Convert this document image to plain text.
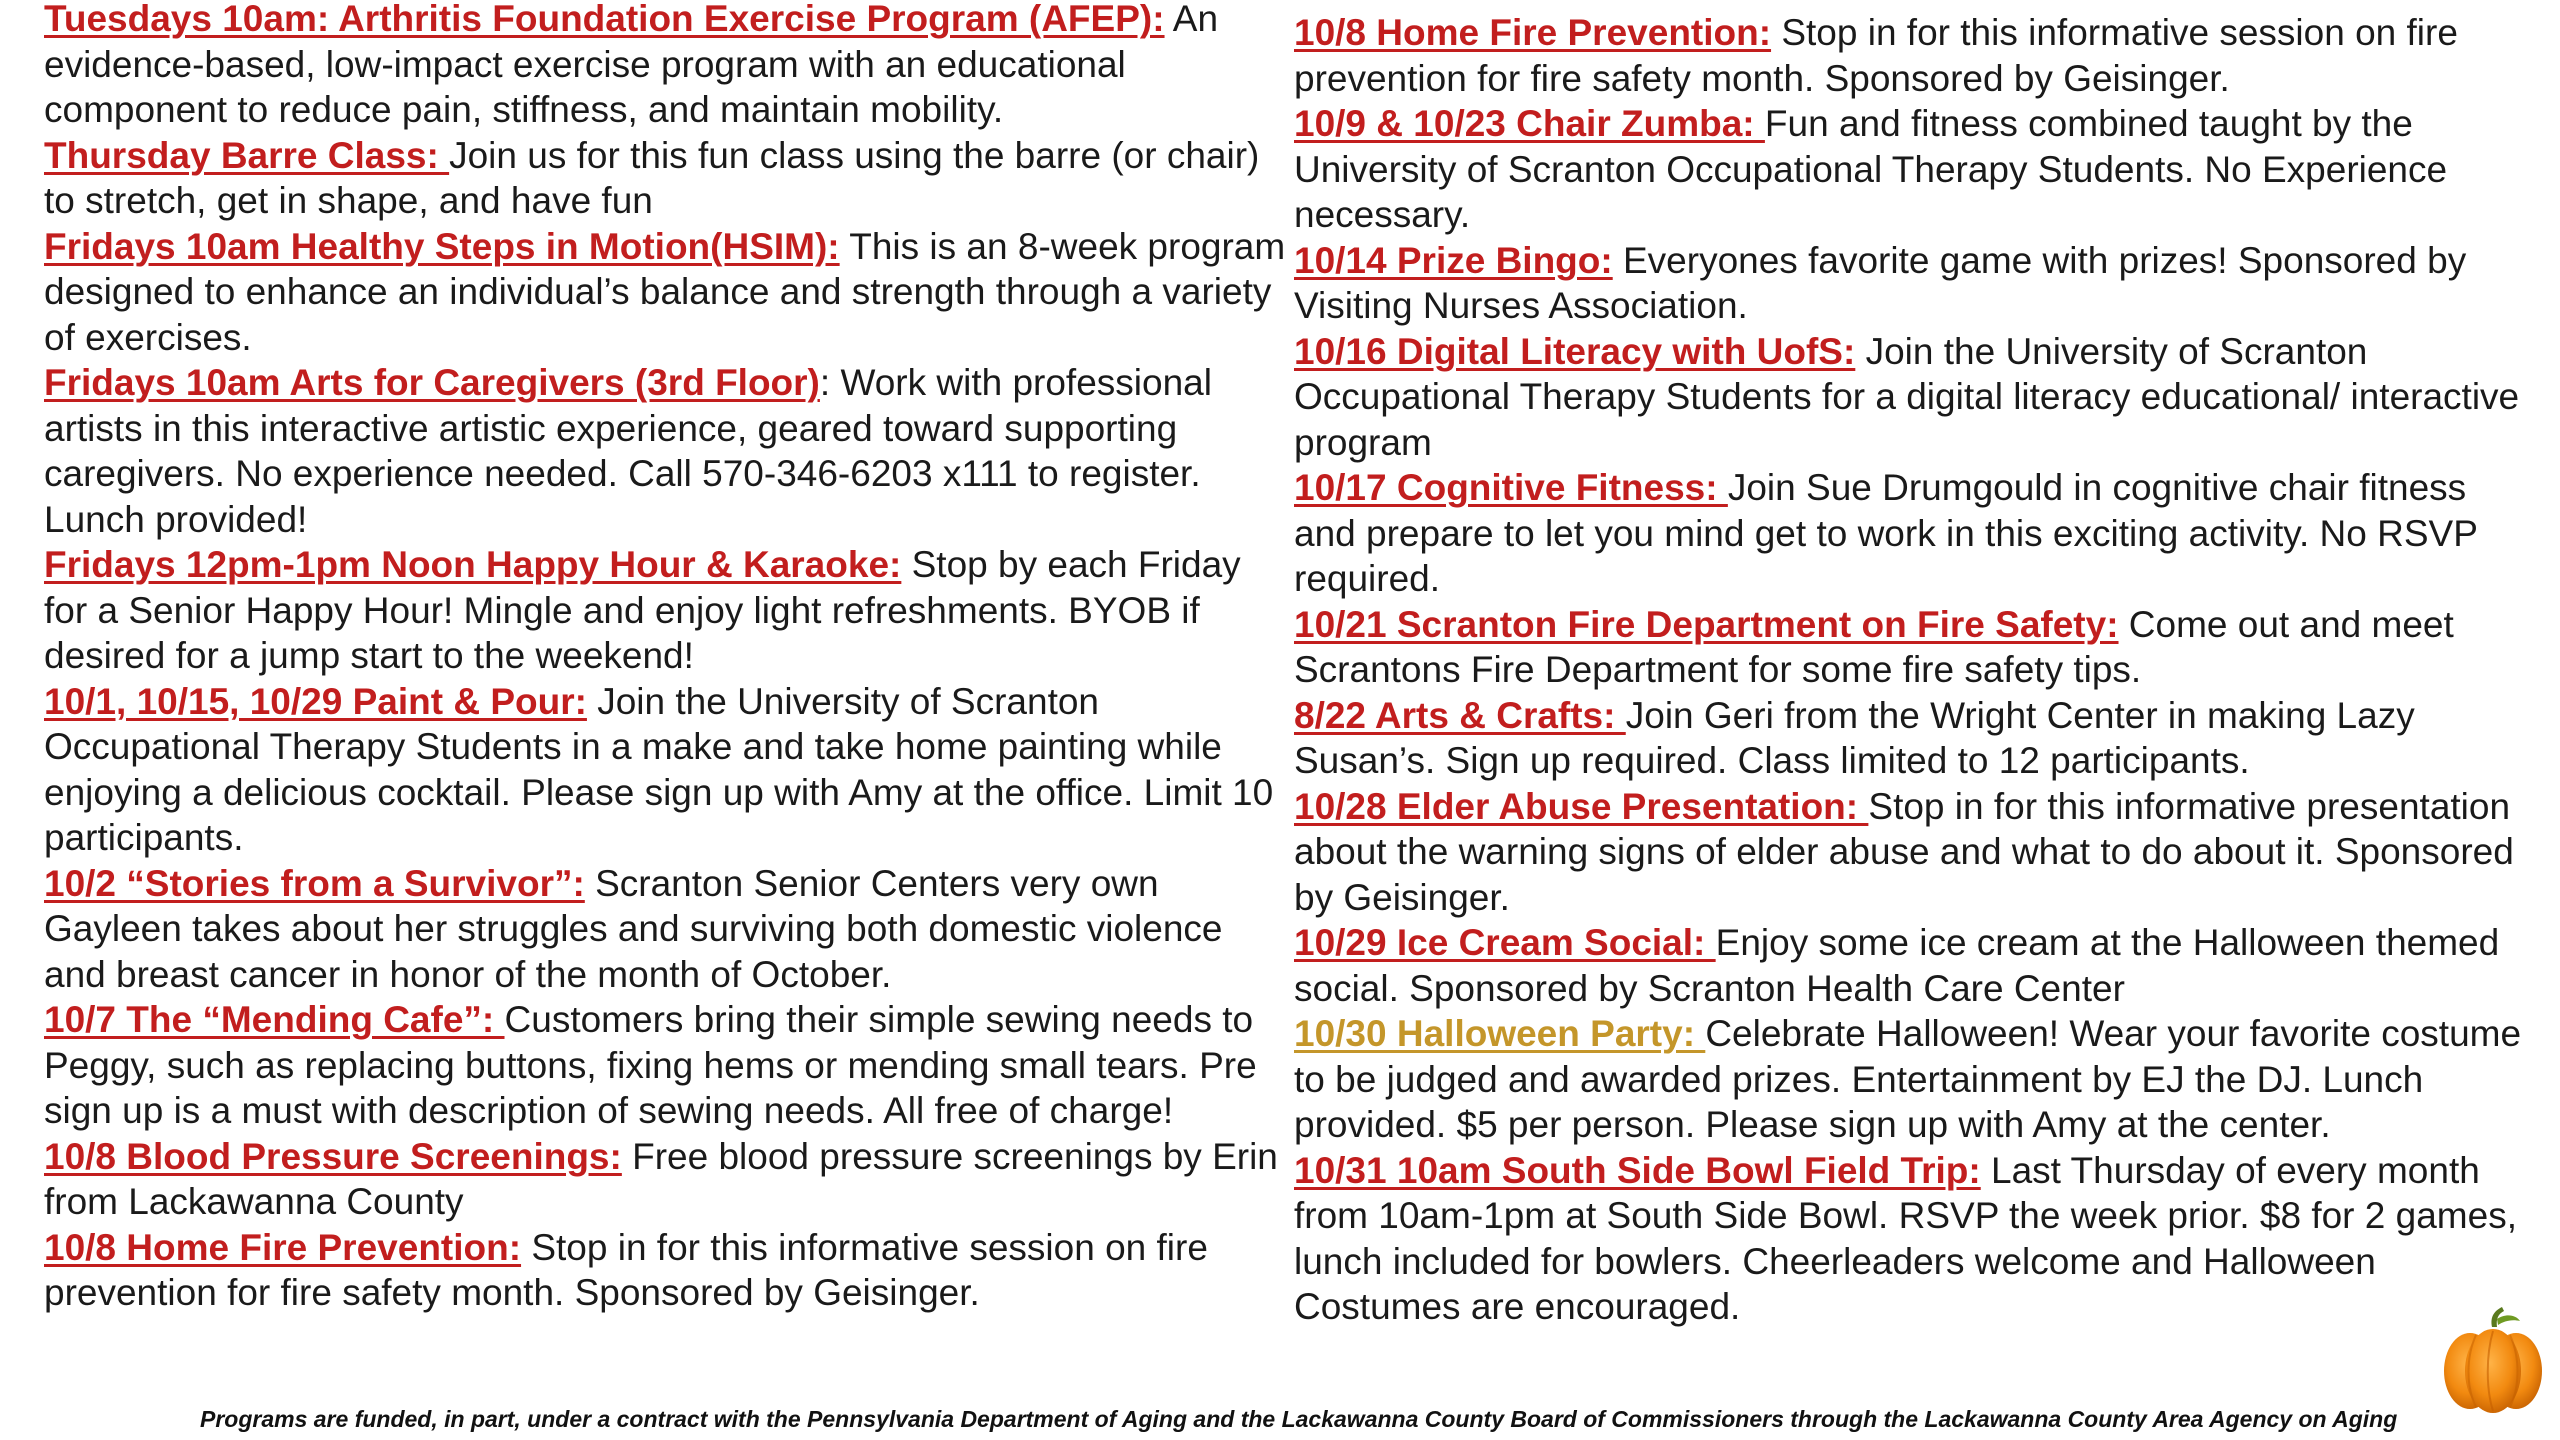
Tuesdays 10am: Arthritis Foundation Exercise Program (AFEP): An evidence-based, low-impact exercise program with an educational component to reduce pain, stiffness, and maintain mobility.

Thursday Barre Class: Join us for this fun class using the barre (or chair) to stretch, get in shape, and have fun

Fridays 10am Healthy Steps in Motion(HSIM): This is an 8-week program designed to enhance an individual’s balance and strength through a variety of exercises.

Fridays 10am Arts for Caregivers (3rd Floor): Work with professional artists in this interactive artistic experience, geared toward supporting caregivers. No experience needed. Call 570-346-6203 x111 to register. Lunch provided!

Fridays 12pm-1pm Noon Happy Hour & Karaoke: Stop by each Friday for a Senior Happy Hour! Mingle and enjoy light refreshments. BYOB if desired for a jump start to the weekend!

10/1, 10/15, 10/29 Paint & Pour: Join the University of Scranton Occupational Therapy Students in a make and take home painting while enjoying a delicious cocktail. Please sign up with Amy at the office. Limit 10 participants.

10/2 “Stories from a Survivor”: Scranton Senior Centers very own Gayleen takes about her struggles and surviving both domestic violence and breast cancer in honor of the month of October.

10/7 The “Mending Cafe”: Customers bring their simple sewing needs to Peggy, such as replacing buttons, fixing hems or mending small tears. Pre sign up is a must with description of sewing needs. All free of charge!

10/8 Blood Pressure Screenings: Free blood pressure screenings by Erin from Lackawanna County

10/8 Home Fire Prevention: Stop in for this informative session on fire prevention for fire safety month. Sponsored by Geisinger.

10/8 Home Fire Prevention: Stop in for this informative session on fire prevention for fire safety month. Sponsored by Geisinger.

10/9 & 10/23 Chair Zumba: Fun and fitness combined taught by the University of Scranton Occupational Therapy Students. No Experience necessary.

10/14 Prize Bingo: Everyones favorite game with prizes! Sponsored by Visiting Nurses Association.

10/16 Digital Literacy with UofS: Join the University of Scranton Occupational Therapy Students for a digital literacy educational/ interactive program

10/17 Cognitive Fitness: Join Sue Drumgould in cognitive chair fitness and prepare to let you mind get to work in this exciting activity. No RSVP required.

10/21 Scranton Fire Department on Fire Safety: Come out and meet Scrantons Fire Department for some fire safety tips.

8/22 Arts & Crafts: Join Geri from the Wright Center in making Lazy Susan’s. Sign up required. Class limited to 12 participants.

10/28 Elder Abuse Presentation: Stop in for this informative presentation about the warning signs of elder abuse and what to do about it. Sponsored by Geisinger.

10/29 Ice Cream Social: Enjoy some ice cream at the Halloween themed social. Sponsored by Scranton Health Care Center

10/30 Halloween Party: Celebrate Halloween! Wear your favorite costume to be judged and awarded prizes. Entertainment by EJ the DJ. Lunch provided. $5 per person. Please sign up with Amy at the center.

10/31 10am South Side Bowl Field Trip: Last Thursday of every month from 10am-1pm at South Side Bowl. RSVP the week prior. $8 for 2 games, lunch included for bowlers. Cheerleaders welcome and Halloween Costumes are encouraged.

Programs are funded, in part, under a contract with the Pennsylvania Department of Aging and the Lackawanna County Board of Commissioners through the Lackawanna County Area Agency on Aging
